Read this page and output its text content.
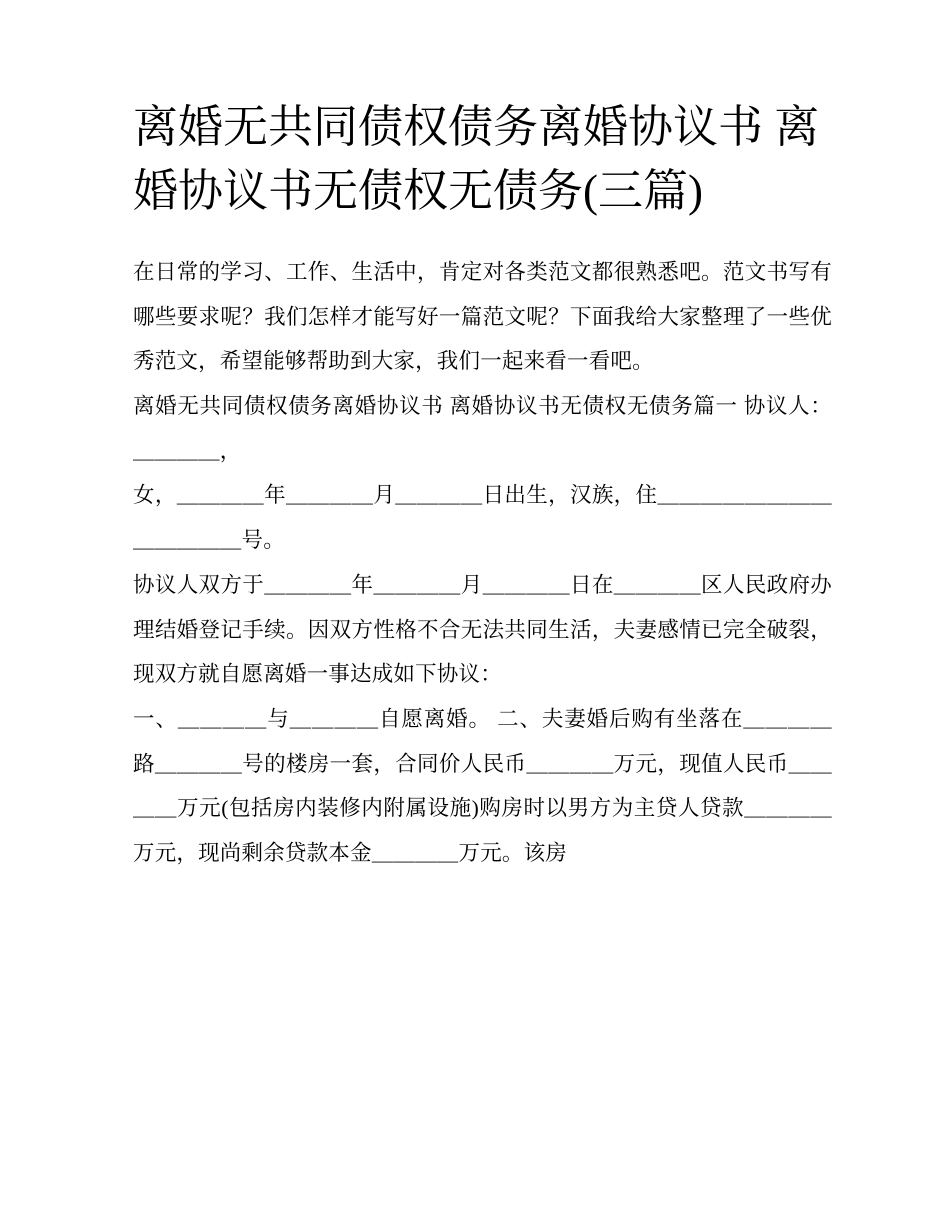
离婚无共同债权债务离婚协议书 离婚协议书无债权无债务(三篇)

在日常的学习、工作、生活中，肯定对各类范文都很熟悉吧。范文书写有哪些要求呢？我们怎样才能写好一篇范文呢？下面我给大家整理了一些优秀范文，希望能够帮助到大家，我们一起来看一看吧。

离婚无共同债权债务离婚协议书 离婚协议书无债权无债务篇一 协议人：＿＿＿＿，

女，＿＿＿＿年＿＿＿＿月＿＿＿＿日出生，汉族，住＿＿＿＿＿＿＿＿＿＿＿＿＿号。

协议人双方于＿＿＿＿年＿＿＿＿月＿＿＿＿日在＿＿＿＿区人民政府办理结婚登记手续。因双方性格不合无法共同生活，夫妻感情已完全破裂，现双方就自愿离婚一事达成如下协议：

一、＿＿＿＿与＿＿＿＿自愿离婚。 二、夫妻婚后购有坐落在＿＿＿＿路＿＿＿＿号的楼房一套，合同价人民币＿＿＿＿万元，现值人民币＿＿＿＿万元(包括房内装修内附属设施)购房时以男方为主贷人贷款＿＿＿＿万元，现尚剩余贷款本金＿＿＿＿万元。该房
